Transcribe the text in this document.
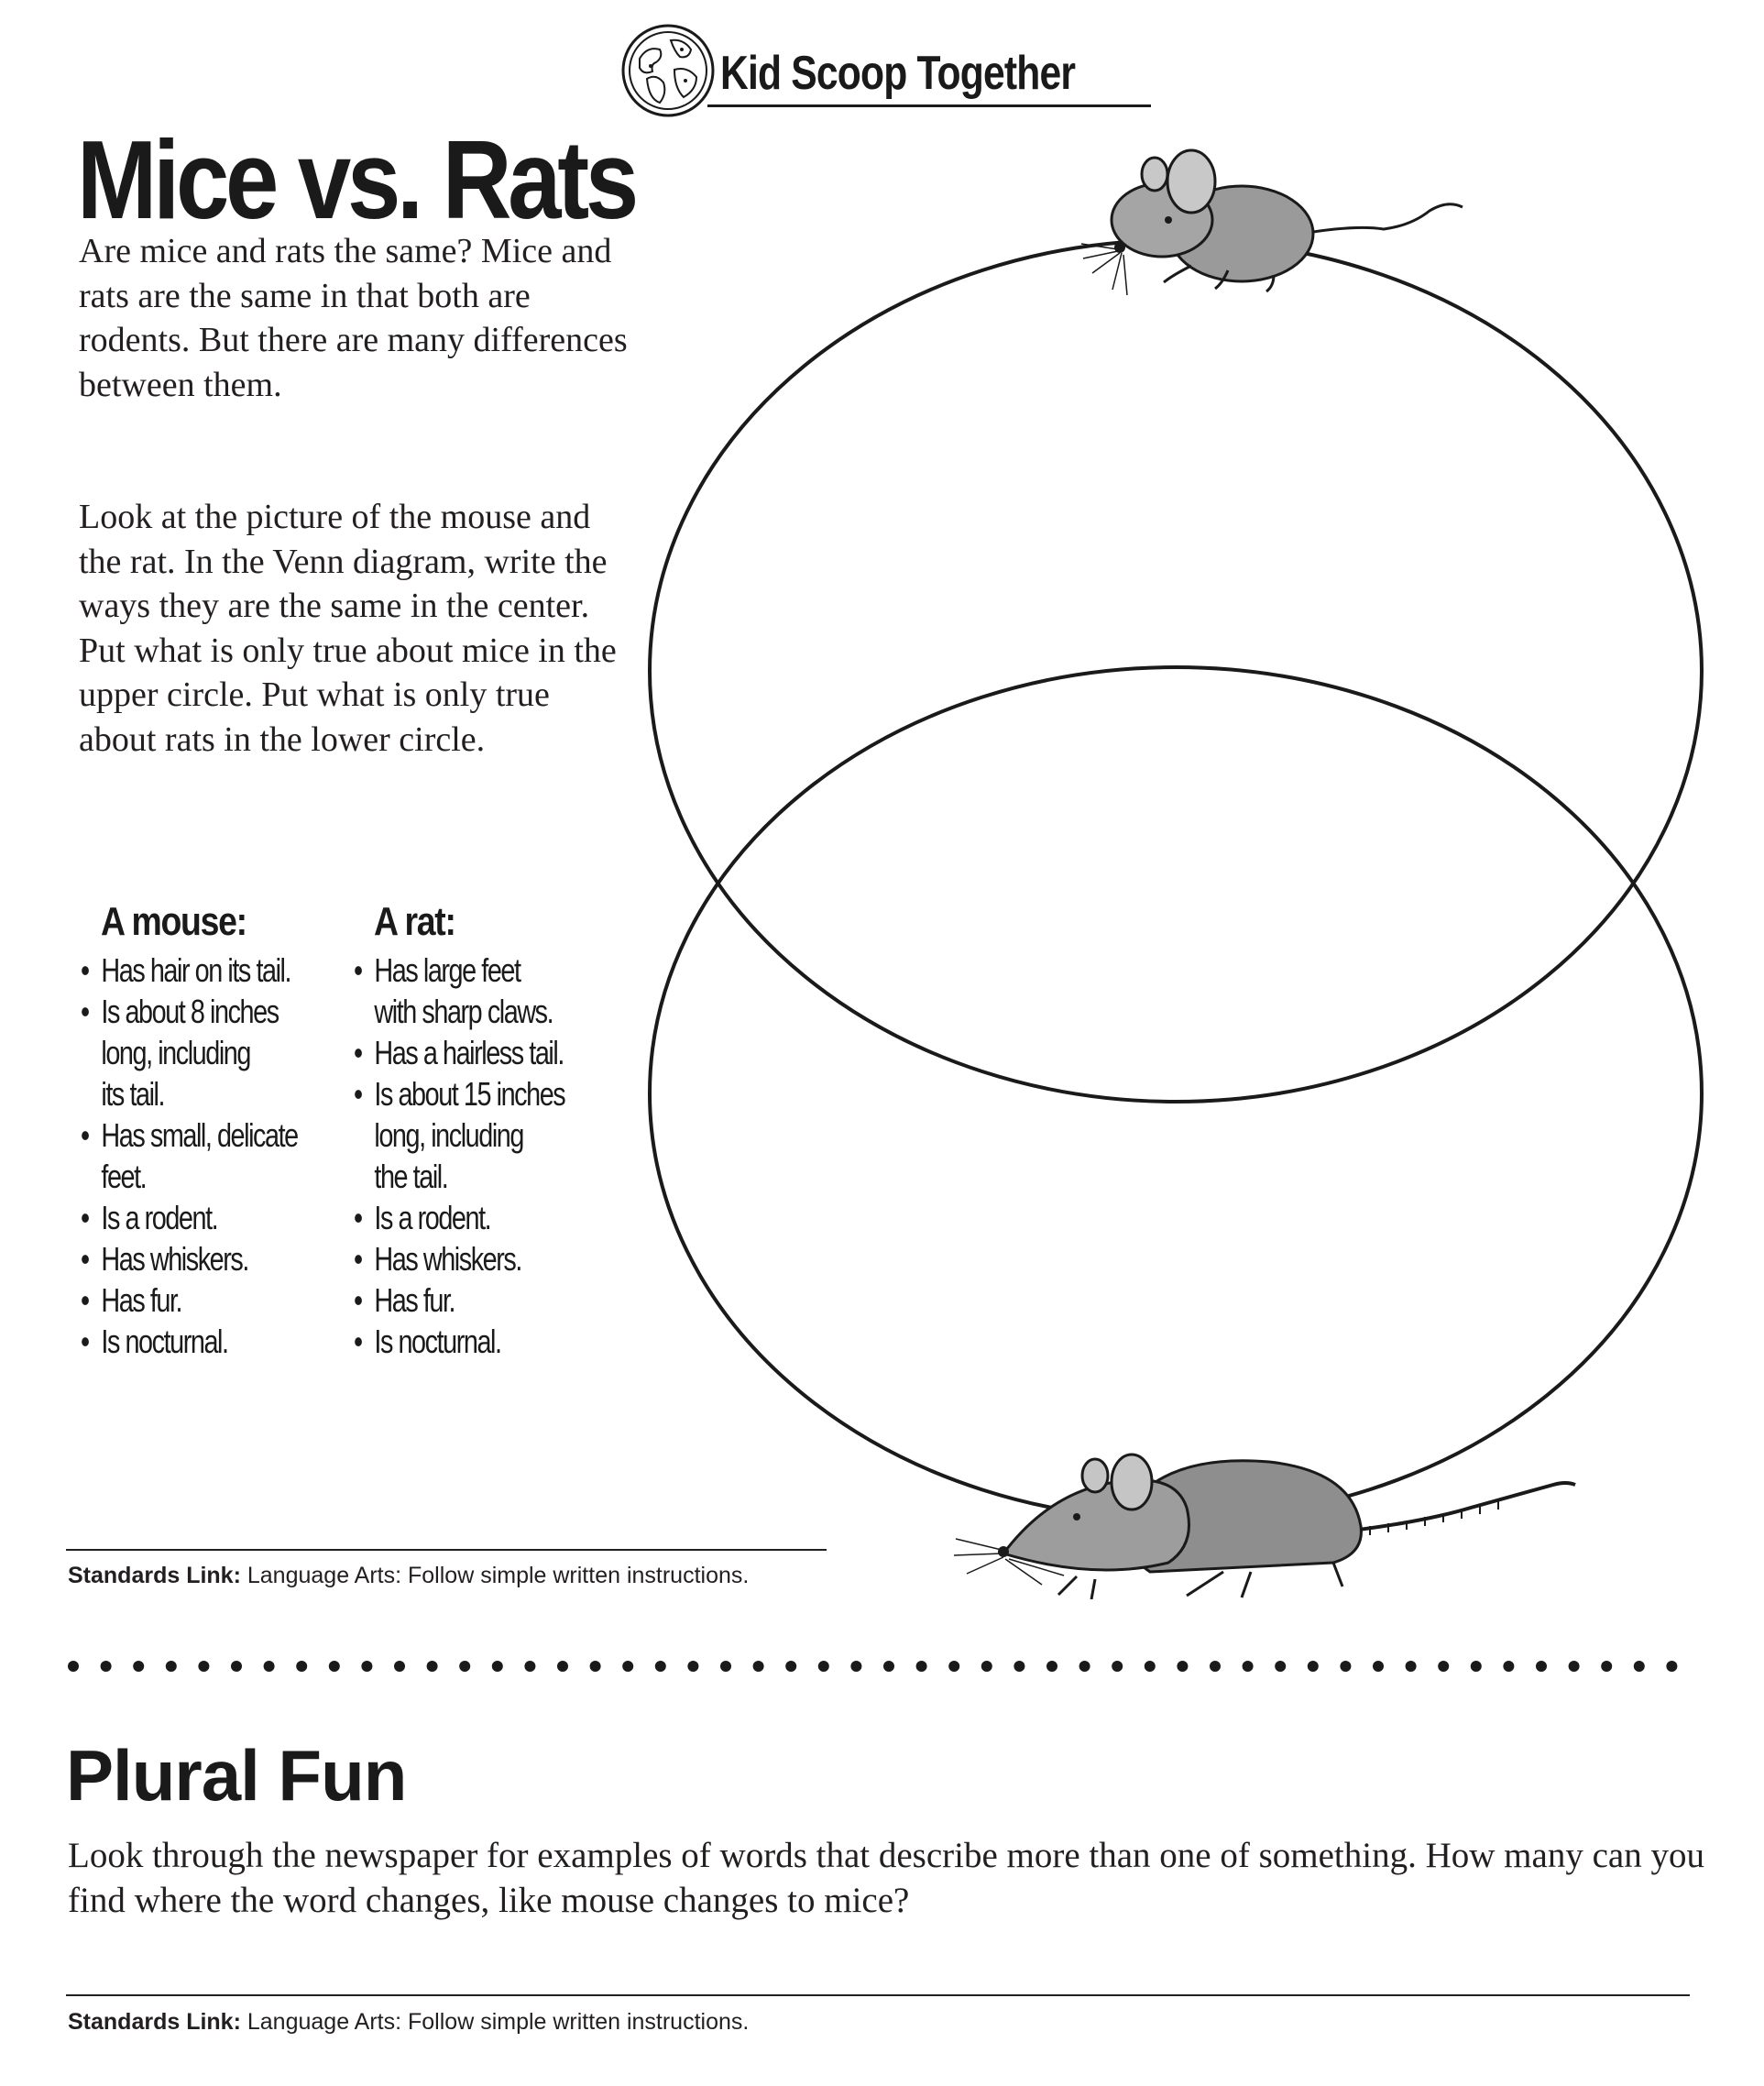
Kid Scoop Together
Mice vs. Rats
Are mice and rats the same? Mice and rats are the same in that both are rodents. But there are many differences between them.
Look at the picture of the mouse and the rat. In the Venn diagram, write the ways they are the same in the center. Put what is only true about mice in the upper circle. Put what is only true about rats in the lower circle.
A mouse:
• Has hair on its tail.
• Is about 8 inches
long, including
its tail.
• Has small, delicate
feet.
• Is a rodent.
• Has whiskers.
• Has fur.
• Is nocturnal.
A rat:
• Has large feet
with sharp claws.
• Has a hairless tail.
• Is about 15 inches
long, including
the tail.
• Is a rodent.
• Has whiskers.
• Has fur.
• Is nocturnal.
Standards Link: Language Arts: Follow simple written instructions.
Plural Fun
Look through the newspaper for examples of words that describe more than one of something. How many can you find where the word changes, like mouse changes to mice?
Standards Link: Language Arts: Follow simple written instructions.
